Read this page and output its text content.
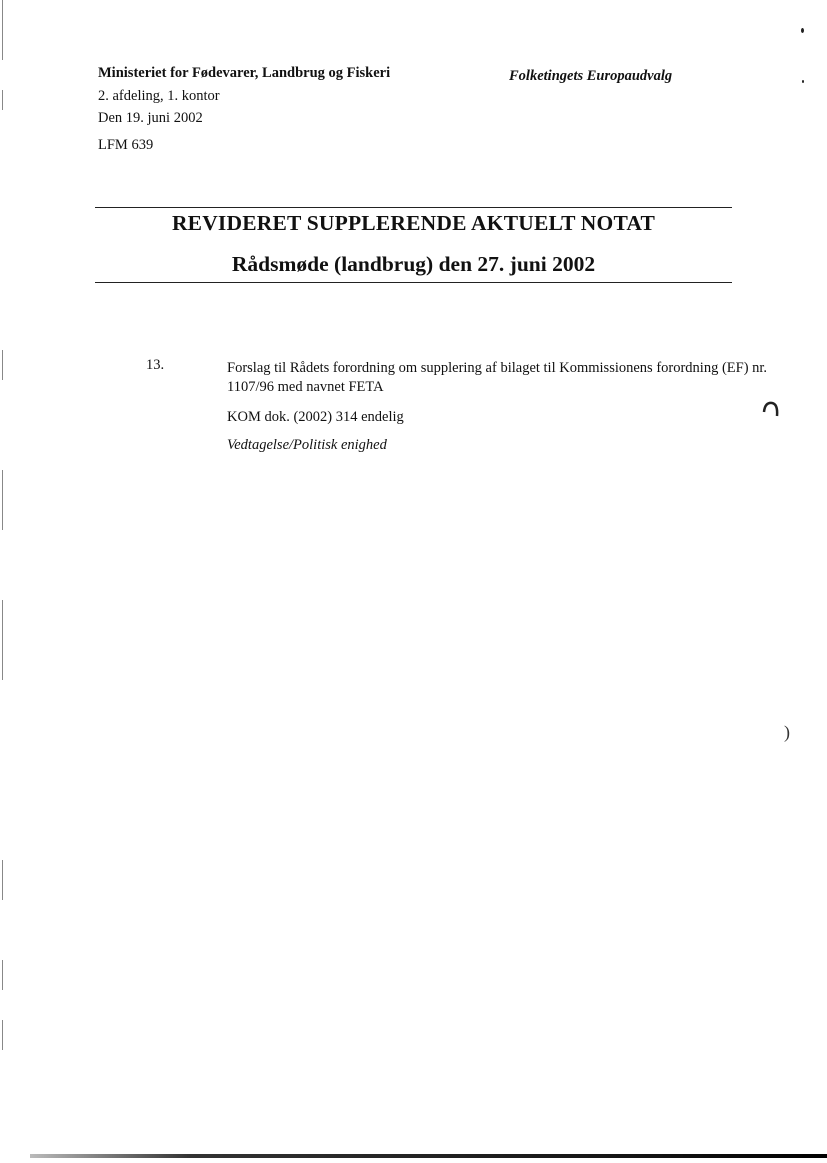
Ministeriet for Fødevarer, Landbrug og Fiskeri
2. afdeling, 1. kontor
Den 19. juni 2002
LFM 639
Folketingets Europaudvalg
REVIDERET SUPPLERENDE AKTUELT NOTAT
Rådsmøde (landbrug) den 27. juni 2002
13.	Forslag til Rådets forordning om supplering af bilaget til Kommissionens forordning (EF) nr. 1107/96 med navnet FETA
KOM dok. (2002) 314 endelig
Vedtagelse/Politisk enighed
)
